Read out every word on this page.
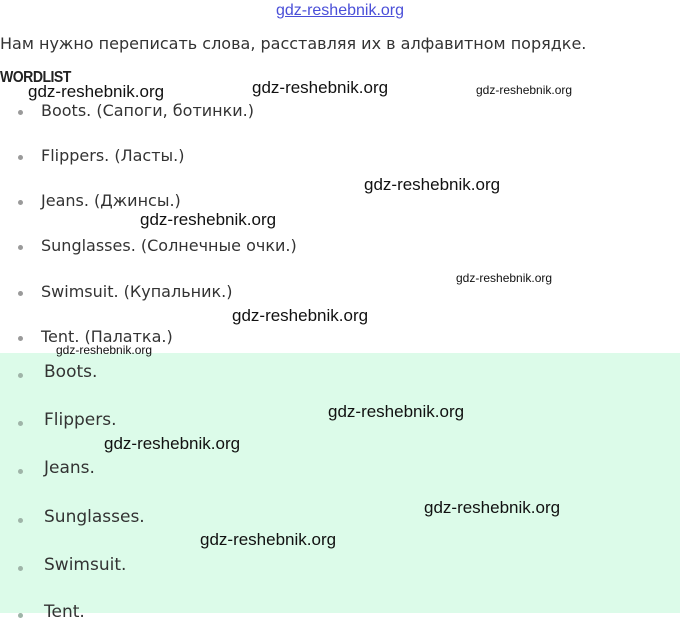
gdz-reshebnik.org
Нам нужно переписать слова, расставляя их в алфавитном порядке.
WORDLIST
Boots. (Сапоги, ботинки.)
Flippers. (Ласты.)
Jeans. (Джинсы.)
Sunglasses. (Солнечные очки.)
Swimsuit. (Купальник.)
Tent. (Палатка.)
Boots.
Flippers.
Jeans.
Sunglasses.
Swimsuit.
Tent.
gdz-reshebnik.org	gdz-reshebnik.org	gdz-reshebnik.org
gdz-reshebnik.org
gdz-reshebnik.org
gdz-reshebnik.org
gdz-reshebnik.org
gdz-reshebnik.org
gdz-reshebnik.org
gdz-reshebnik.org
gdz-reshebnik.org
gdz-reshebnik.org
